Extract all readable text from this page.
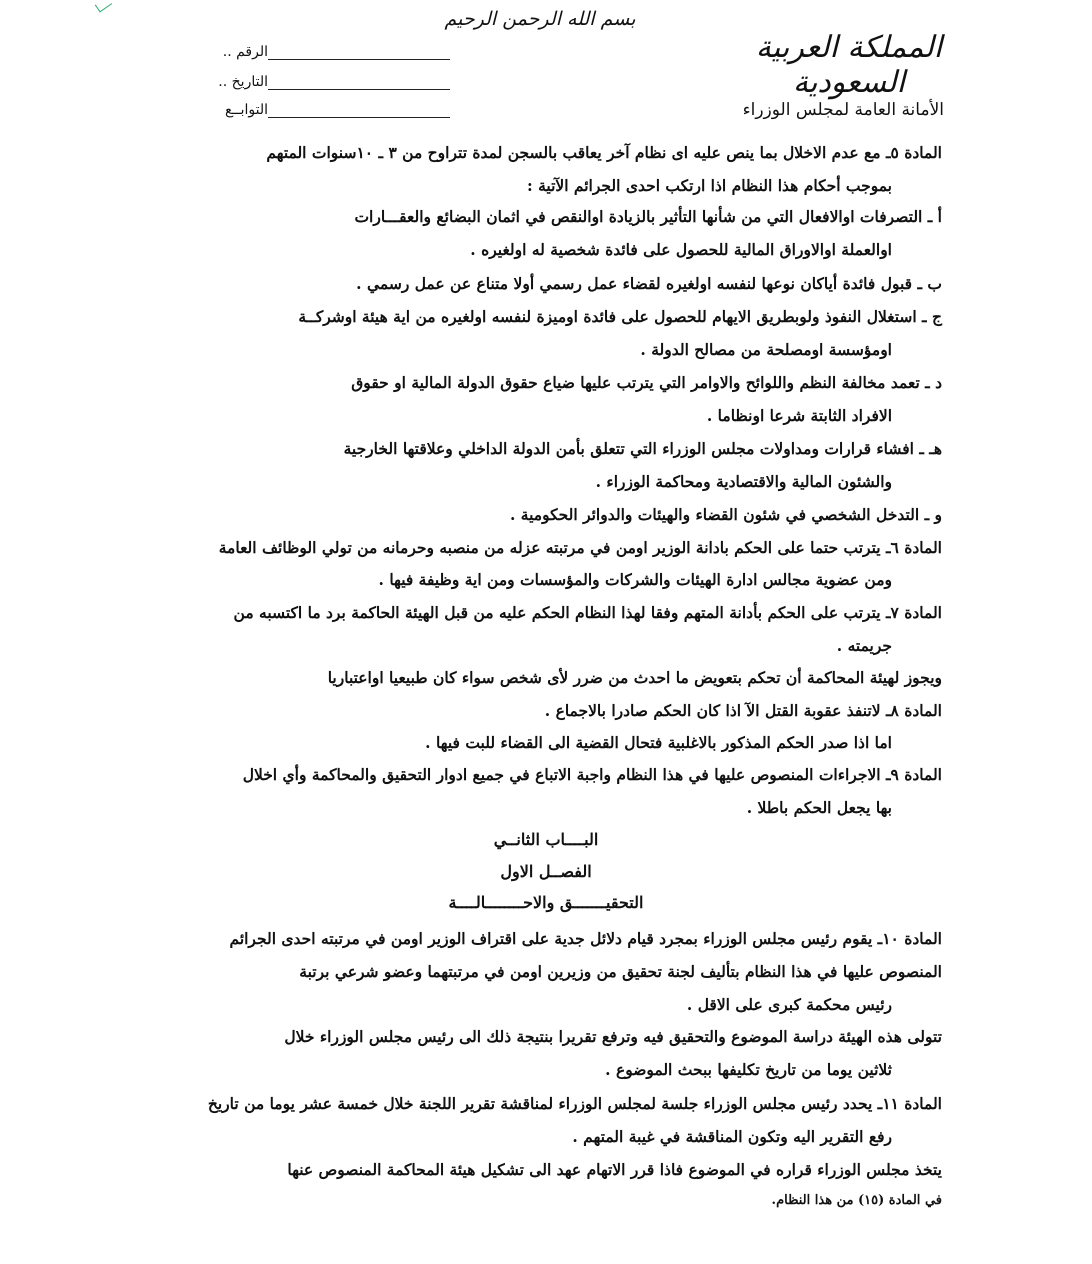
بسم الله الرحمن الرحيم
المملكة العربية السعودية
الأمانة العامة لمجلس الوزراء
الرقم ..
التاريخ ..
التوابــع
المادة ٥ـ مع عدم الاخلال بما ينص عليه اى نظام آخر يعاقب بالسجن لمدة تتراوح من ٣ ـ ١٠سنوات المتهم
بموجب أحكام هذا النظام اذا ارتكب احدى الجرائم الآتية :
أ ـ التصرفات اوالافعال التي من شأنها التأثير بالزيادة اوالنقص في اثمان البضائع والعقـــارات
اوالعملة اوالاوراق المالية للحصول على فائدة شخصية له اولغيره .
ب ـ قبول فائدة أياكان نوعها لنفسه اولغيره لقضاء عمل رسمي أولا متناع عن عمل رسمي .
ج ـ استغلال النفوذ ولوبطريق الايهام للحصول على فائدة اوميزة لنفسه اولغيره من اية هيئة اوشركــة
اومؤسسة اومصلحة من مصالح الدولة .
د ـ تعمد مخالفة النظم واللوائح والاوامر التي يترتب عليها ضياع حقوق الدولة المالية او حقوق
الافراد الثابتة شرعا اونظاما .
هـ ـ افشاء قرارات ومداولات مجلس الوزراء التي تتعلق بأمن الدولة الداخلي وعلاقتها الخارجية
والشئون المالية والاقتصادية ومحاكمة الوزراء .
و ـ التدخل الشخصي في شئون القضاء والهيئات والدوائر الحكومية .
المادة ٦ـ يترتب حتما على الحكم بادانة الوزير اومن في مرتبته عزله من منصبه وحرمانه من تولي الوظائف العامة
ومن عضوية مجالس ادارة الهيئات والشركات والمؤسسات ومن اية وظيفة فيها .
المادة ٧ـ يترتب على الحكم بأدانة المتهم وفقا لهذا النظام الحكم عليه من قبل الهيئة الحاكمة برد ما اكتسبه من
جريمته .
ويجوز لهيئة المحاكمة أن تحكم بتعويض ما احدث من ضرر لأى شخص سواء كان طبيعيا اواعتباريا
المادة ٨ـ لاتنفذ عقوبة القتل الآ اذا كان الحكم صادرا بالاجماع .
اما اذا صدر الحكم المذكور بالاغلبية فتحال القضية الى القضاء للبت فيها .
المادة ٩ـ الاجراءات المنصوص عليها في هذا النظام واجبة الاتباع في جميع ادوار التحقيق والمحاكمة وأي اخلال
بها يجعل الحكم باطلا .
البــــاب الثانــي
الفصــل الاول
التحقيـــــــق والاحــــــــالــــة
المادة ١٠ـ يقوم رئيس مجلس الوزراء بمجرد قيام دلائل جدية على اقتراف الوزير اومن في مرتبته احدى الجرائم
المنصوص عليها في هذا النظام بتأليف لجنة تحقيق من وزيرين اومن في مرتبتهما وعضو شرعي برتبة
رئيس محكمة كبرى على الاقل .
تتولى هذه الهيئة دراسة الموضوع والتحقيق فيه وترفع تقريرا بنتيجة ذلك الى رئيس مجلس الوزراء خلال
ثلاثين يوما من تاريخ تكليفها ببحث الموضوع .
المادة ١١ـ يحدد رئيس مجلس الوزراء جلسة لمجلس الوزراء لمناقشة تقرير اللجنة خلال خمسة عشر يوما من تاريخ
رفع التقرير اليه وتكون المناقشة في غيبة المتهم .
يتخذ مجلس الوزراء قراره في الموضوع فاذا قرر الاتهام عهد الى تشكيل هيئة المحاكمة المنصوص عنها
في المادة (١٥) من هذا النظام.
